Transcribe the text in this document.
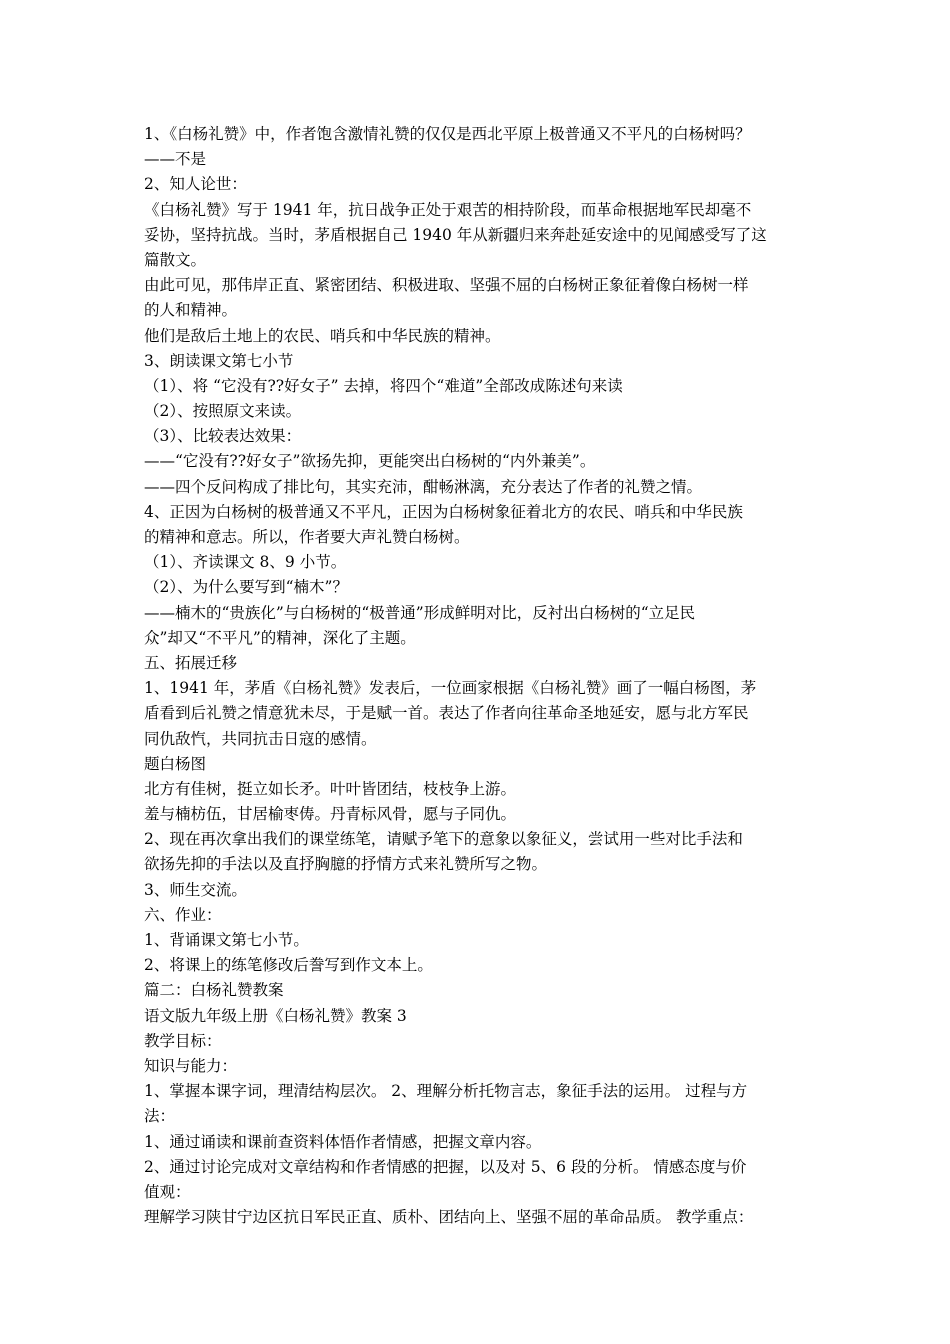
1、《白杨礼赞》中，作者饱含激情礼赞的仅仅是西北平原上极普通又不平凡的白杨树吗？
——不是
2、知人论世：
《白杨礼赞》写于 1941 年，抗日战争正处于艰苦的相持阶段，而革命根据地军民却毫不
妥协，坚持抗战。当时，茅盾根据自己 1940 年从新疆归来奔赴延安途中的见闻感受写了这
篇散文。
由此可见，那伟岸正直、紧密团结、积极进取、坚强不屈的白杨树正象征着像白杨树一样
的人和精神。
他们是敌后土地上的农民、哨兵和中华民族的精神。
3、朗读课文第七小节
（1）、将 “它没有??好女子” 去掉，将四个“难道”全部改成陈述句来读
（2）、按照原文来读。
（3）、比较表达效果：
——“它没有??好女子”欲扬先抑，更能突出白杨树的“内外兼美”。
——四个反问构成了排比句，其实充沛，酣畅淋漓，充分表达了作者的礼赞之情。
4、正因为白杨树的极普通又不平凡，正因为白杨树象征着北方的农民、哨兵和中华民族
的精神和意志。所以，作者要大声礼赞白杨树。
（1）、齐读课文 8、9 小节。
（2）、为什么要写到“楠木”？
——楠木的“贵族化”与白杨树的“极普通”形成鲜明对比，反衬出白杨树的“立足民
众”却又“不平凡”的精神，深化了主题。
五、拓展迁移
1、1941 年，茅盾《白杨礼赞》发表后，一位画家根据《白杨礼赞》画了一幅白杨图，茅
盾看到后礼赞之情意犹未尽，于是赋一首。表达了作者向往革命圣地延安，愿与北方军民
同仇敌忾，共同抗击日寇的感情。
题白杨图
北方有佳树，挺立如长矛。叶叶皆团结，枝枝争上游。
羞与楠枋伍，甘居榆枣俦。丹青标风骨，愿与子同仇。
2、现在再次拿出我们的课堂练笔，请赋予笔下的意象以象征义，尝试用一些对比手法和
欲扬先抑的手法以及直抒胸臆的抒情方式来礼赞所写之物。
3、师生交流。
六、作业：
1、背诵课文第七小节。
2、将课上的练笔修改后誊写到作文本上。
篇二：白杨礼赞教案
语文版九年级上册《白杨礼赞》教案 3
教学目标：
知识与能力：
1、掌握本课字词，理清结构层次。 2、理解分析托物言志，象征手法的运用。 过程与方
法：
1、通过诵读和课前查资料体悟作者情感，把握文章内容。
2、通过讨论完成对文章结构和作者情感的把握，以及对 5、6 段的分析。 情感态度与价
值观：
理解学习陕甘宁边区抗日军民正直、质朴、团结向上、坚强不屈的革命品质。 教学重点：
